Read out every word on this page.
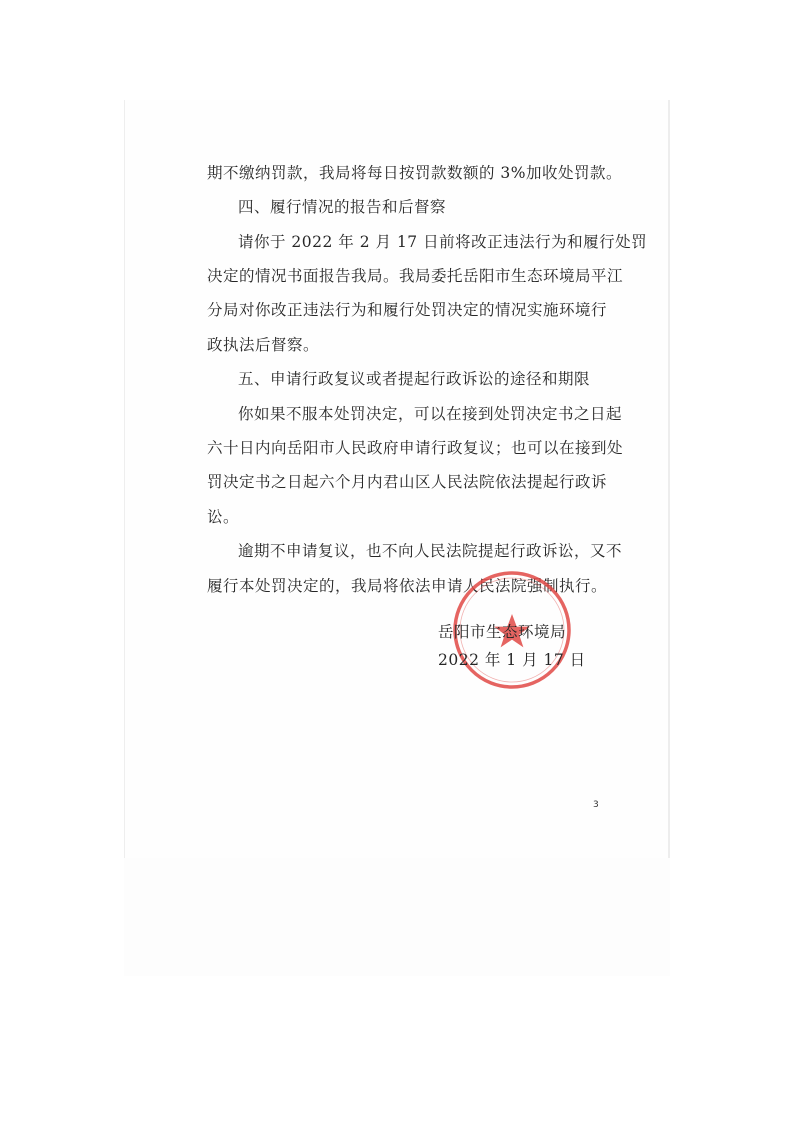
期不缴纳罚款，我局将每日按罚款数额的 3%加收处罚款。
四、履行情况的报告和后督察
请你于 2022 年 2 月 17 日前将改正违法行为和履行处罚
决定的情况书面报告我局。我局委托岳阳市生态环境局平江
分局对你改正违法行为和履行处罚决定的情况实施环境行
政执法后督察。
五、申请行政复议或者提起行政诉讼的途径和期限
你如果不服本处罚决定，可以在接到处罚决定书之日起
六十日内向岳阳市人民政府申请行政复议；也可以在接到处
罚决定书之日起六个月内君山区人民法院依法提起行政诉
讼。
逾期不申请复议，也不向人民法院提起行政诉讼，又不
履行本处罚决定的，我局将依法申请人民法院强制执行。
岳阳市生态环境局
2022 年 1 月 17 日
3
